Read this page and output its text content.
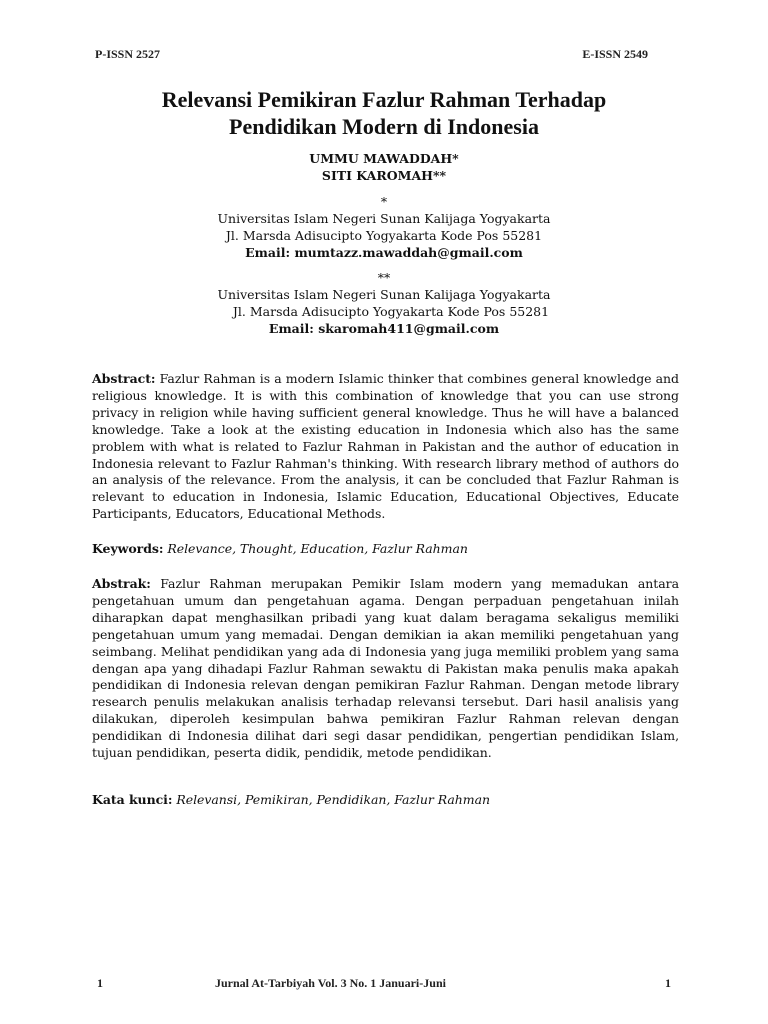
P-ISSN 2527	E-ISSN 2549
Relevansi Pemikiran Fazlur Rahman Terhadap
Pendidikan Modern di Indonesia
UMMU MAWADDAH*
SITI KAROMAH**
*
Universitas Islam Negeri Sunan Kalijaga Yogyakarta
Jl. Marsda Adisucipto Yogyakarta Kode Pos 55281
Email: mumtazz.mawaddah@gmail.com
**
Universitas Islam Negeri Sunan Kalijaga Yogyakarta
Jl. Marsda Adisucipto Yogyakarta Kode Pos 55281
Email: skaromah411@gmail.com

Abstract: Fazlur Rahman is a modern Islamic thinker that combines general knowledge and religious knowledge. It is with this combination of knowledge that you can use strong privacy in religion while having sufficient general knowledge. Thus he will have a balanced knowledge. Take a look at the existing education in Indonesia which also has the same problem with what is related to Fazlur Rahman in Pakistan and the author of education in Indonesia relevant to Fazlur Rahman's thinking. With research library method of authors do an analysis of the relevance. From the analysis, it can be concluded that Fazlur Rahman is relevant to education in Indonesia, Islamic Education, Educational Objectives, Educate Participants, Educators, Educational Methods.

Keywords: Relevance, Thought, Education, Fazlur Rahman

Abstrak: Fazlur Rahman merupakan Pemikir Islam modern yang memadukan antara pengetahuan umum dan pengetahuan agama. Dengan perpaduan pengetahuan inilah diharapkan dapat menghasilkan pribadi yang kuat dalam beragama sekaligus memiliki pengetahuan umum yang memadai. Dengan demikian ia akan memiliki pengetahuan yang seimbang. Melihat pendidikan yang ada di Indonesia yang juga memiliki problem yang sama dengan apa yang dihadapi Fazlur Rahman sewaktu di Pakistan maka penulis maka apakah pendidikan di Indonesia relevan dengan pemikiran Fazlur Rahman. Dengan metode library research penulis melakukan analisis terhadap relevansi tersebut. Dari hasil analisis yang dilakukan, diperoleh kesimpulan bahwa pemikiran Fazlur Rahman relevan dengan pendidikan di Indonesia dilihat dari segi dasar pendidikan, pengertian pendidikan Islam, tujuan pendidikan, peserta didik, pendidik, metode pendidikan.

Kata kunci: Relevansi, Pemikiran, Pendidikan, Fazlur Rahman

1	Jurnal At-Tarbiyah Vol. 3 No. 1 Januari-Juni	1
